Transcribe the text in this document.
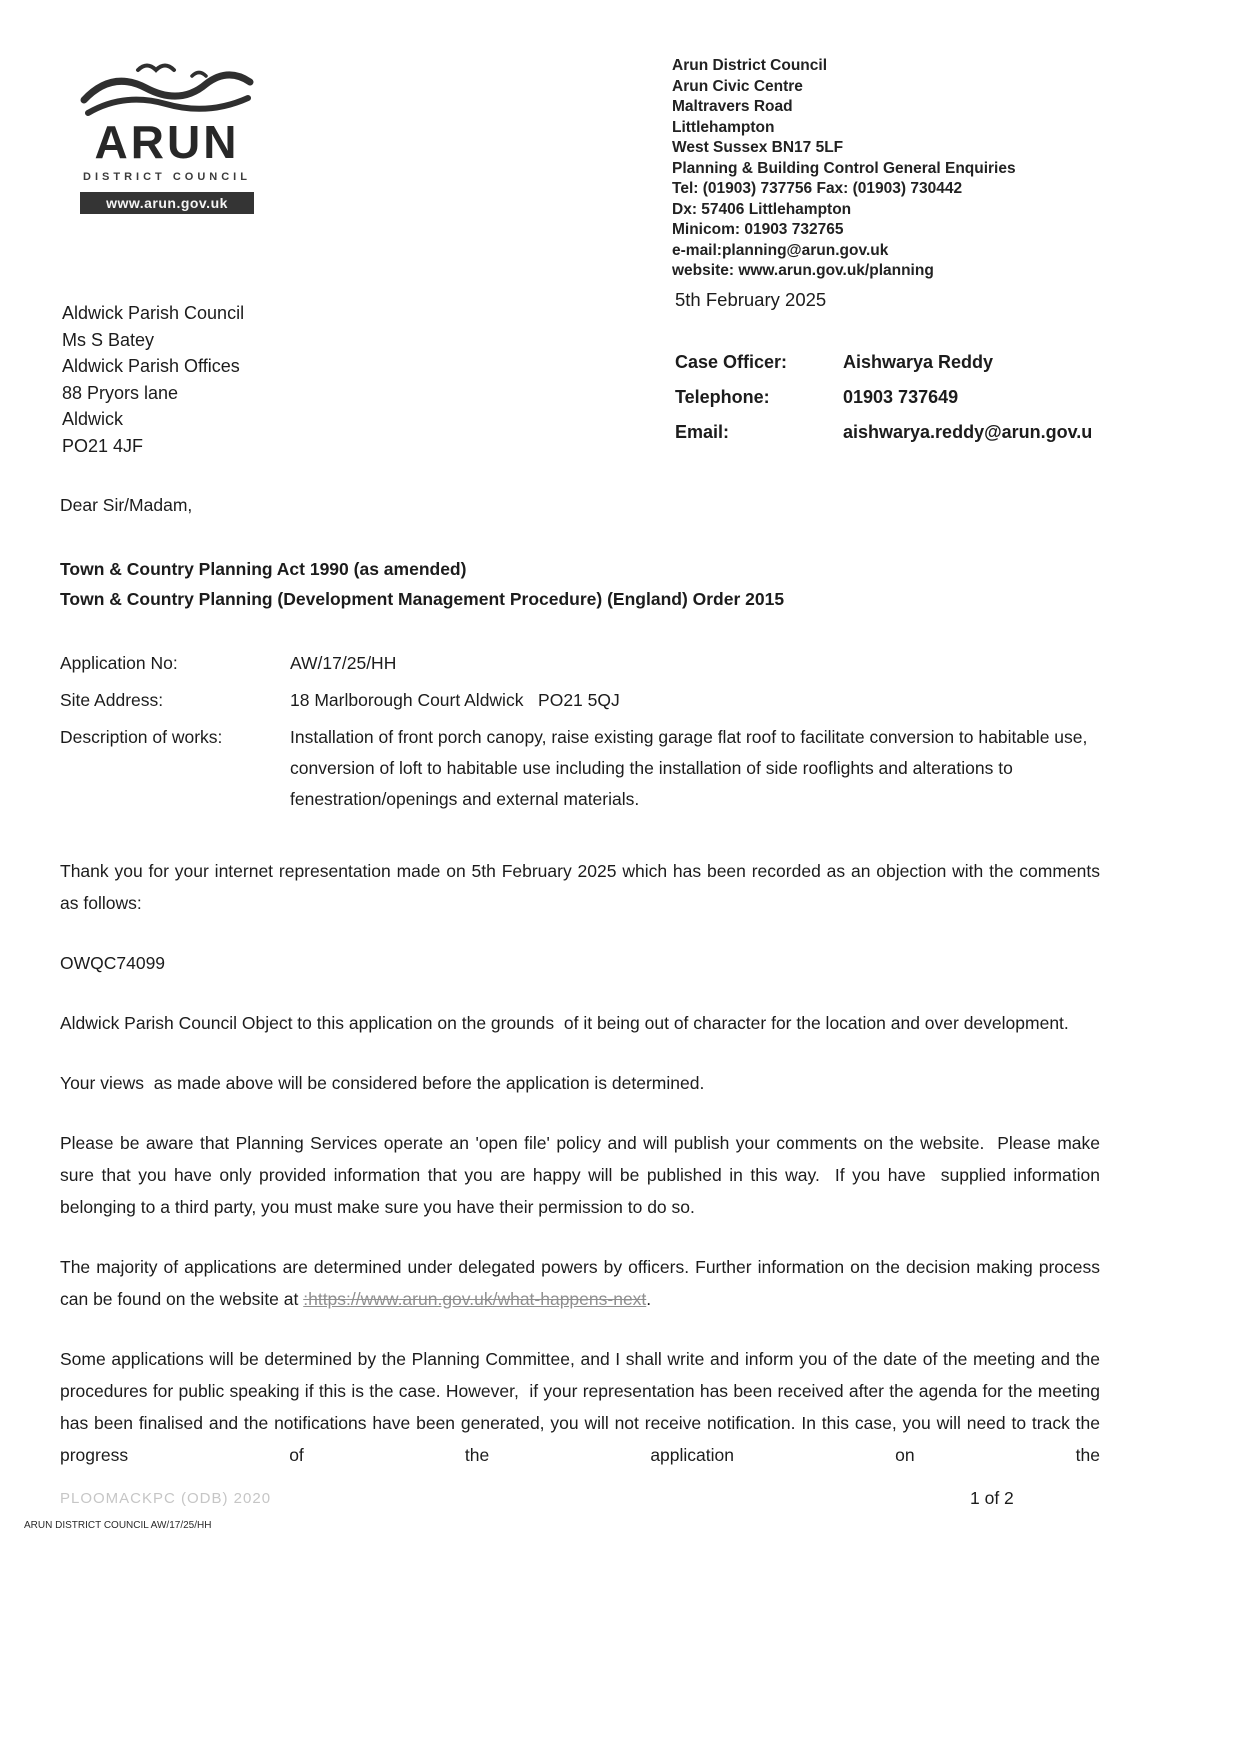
ARUN
DISTRICT COUNCIL
www.arun.gov.uk
Arun District Council
Arun Civic Centre
Maltravers Road
Littlehampton
West Sussex BN17 5LF
Planning & Building Control General Enquiries
Tel: (01903) 737756 Fax: (01903) 730442
Dx: 57406 Littlehampton
Minicom: 01903 732765
e-mail:planning@arun.gov.uk
website: www.arun.gov.uk/planning
5th February 2025
Aldwick Parish Council
Ms S Batey
Aldwick Parish Offices
88 Pryors lane
Aldwick
PO21 4JF
Case Officer:	Aishwarya Reddy
Telephone:	01903 737649
Email:	aishwarya.reddy@arun.gov.u
Dear Sir/Madam,
Town & Country Planning Act 1990 (as amended)
Town & Country Planning (Development Management Procedure) (England) Order 2015
Application No:	AW/17/25/HH
Site Address:	18 Marlborough Court Aldwick   PO21 5QJ
Description of works:	Installation of front porch canopy, raise existing garage flat roof to facilitate conversion to habitable use, conversion of loft to habitable use including the installation of side rooflights and alterations to fenestration/openings and external materials.

Thank you for your internet representation made on 5th February 2025 which has been recorded as an objection with the comments as follows:

OWQC74099

Aldwick Parish Council Object to this application on the grounds  of it being out of character for the location and over development.

Your views  as made above will be considered before the application is determined.

Please be aware that Planning Services operate an 'open file' policy and will publish your comments on the website.  Please make sure that you have only provided information that you are happy will be published in this way.  If you have  supplied information belonging to a third party, you must make sure you have their permission to do so.

The majority of applications are determined under delegated powers by officers. Further information on the decision making process can be found on the website at :https://www.arun.gov.uk/what-happens-next.

Some applications will be determined by the Planning Committee, and I shall write and inform you of the date of the meeting and the procedures for public speaking if this is the case. However,  if your representation has been received after the agenda for the meeting has been finalised and the notifications have been generated, you will not receive notification. In this case, you will need to track the progress of the application on the

PLOOMACKPC (ODB) 2020	1 of 2
ARUN DISTRICT COUNCIL AW/17/25/HH
